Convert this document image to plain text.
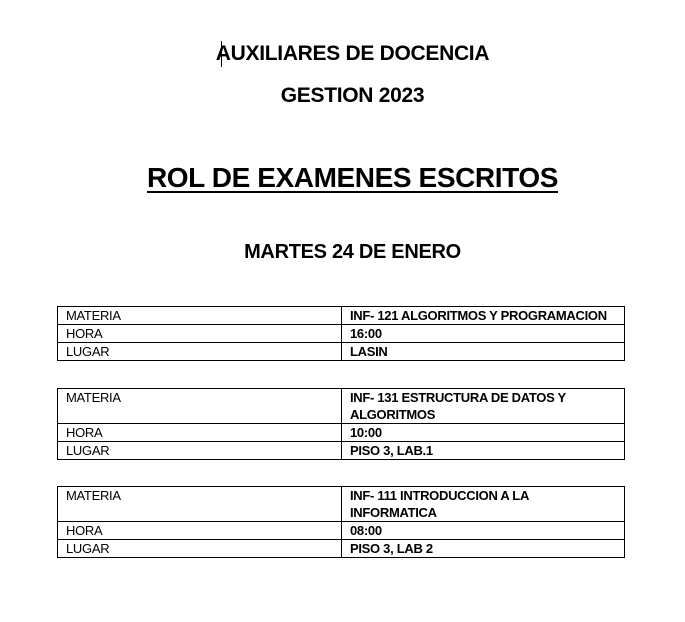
AUXILIARES DE DOCENCIA
GESTION 2023
ROL DE EXAMENES ESCRITOS
MARTES 24 DE ENERO
MATERIA	INF- 121 ALGORITMOS Y PROGRAMACION
HORA	16:00
LUGAR	LASIN
MATERIA	INF- 131 ESTRUCTURA DE DATOS Y ALGORITMOS
HORA	10:00
LUGAR	PISO 3, LAB.1
MATERIA	INF- 111 INTRODUCCION A LA INFORMATICA
HORA	08:00
LUGAR	PISO 3, LAB 2
